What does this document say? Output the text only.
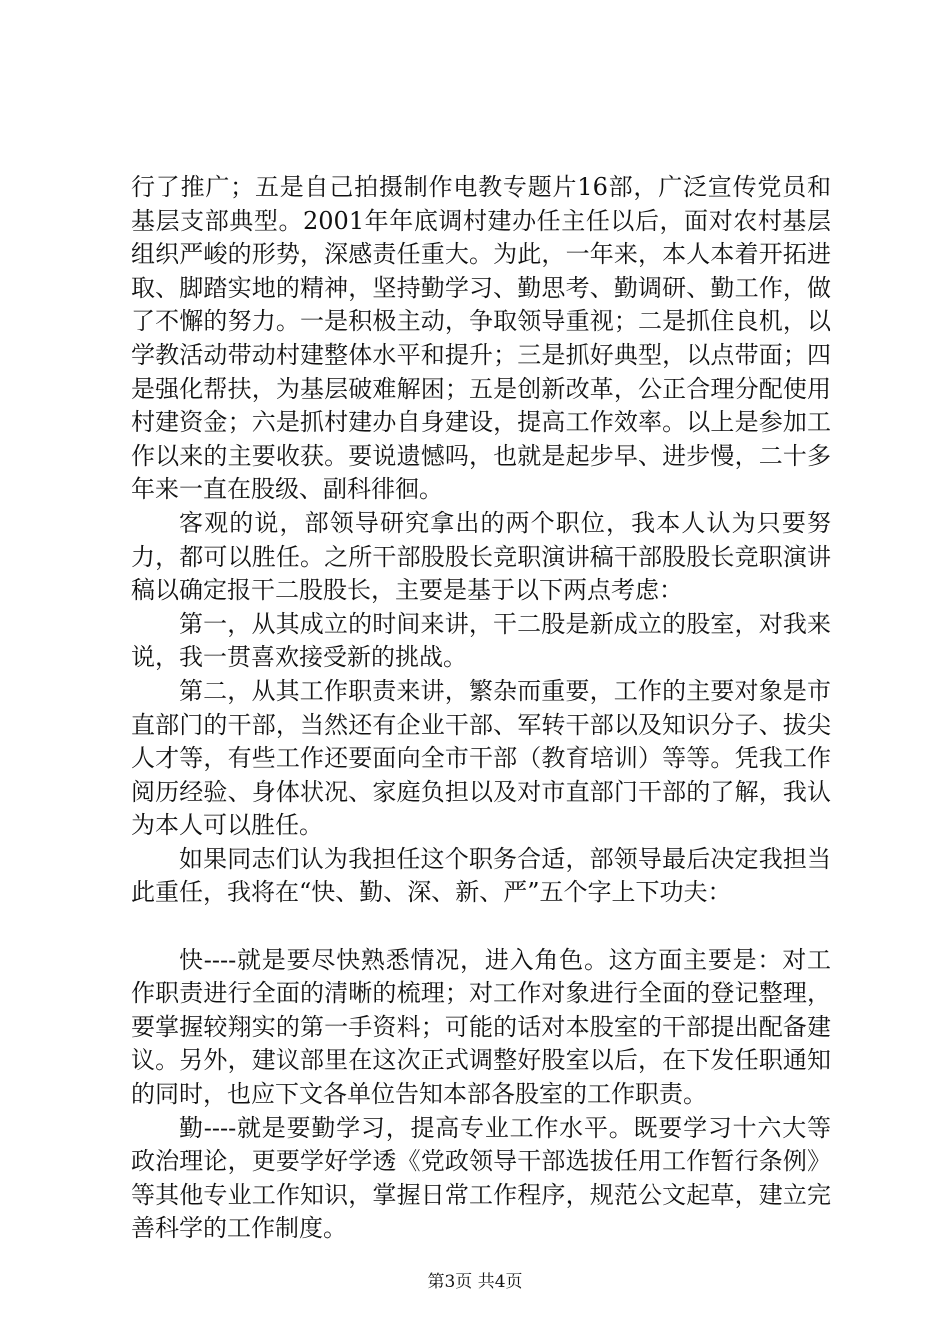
行了推广；五是自己拍摄制作电教专题片16部，广泛宣传党员和基层支部典型。2001年年底调村建办任主任以后，面对农村基层组织严峻的形势，深感责任重大。为此，一年来，本人本着开拓进取、脚踏实地的精神，坚持勤学习、勤思考、勤调研、勤工作，做了不懈的努力。一是积极主动，争取领导重视；二是抓住良机，以学教活动带动村建整体水平和提升；三是抓好典型，以点带面；四是强化帮扶，为基层破难解困；五是创新改革，公正合理分配使用村建资金；六是抓村建办自身建设，提高工作效率。以上是参加工作以来的主要收获。要说遗憾吗，也就是起步早、进步慢，二十多年来一直在股级、副科徘徊。

客观的说，部领导研究拿出的两个职位，我本人认为只要努力，都可以胜任。之所干部股股长竞职演讲稿干部股股长竞职演讲稿以确定报干二股股长，主要是基于以下两点考虑：

第一，从其成立的时间来讲，干二股是新成立的股室，对我来说，我一贯喜欢接受新的挑战。

第二，从其工作职责来讲，繁杂而重要，工作的主要对象是市直部门的干部，当然还有企业干部、军转干部以及知识分子、拔尖人才等，有些工作还要面向全市干部（教育培训）等等。凭我工作阅历经验、身体状况、家庭负担以及对市直部门干部的了解，我认为本人可以胜任。

如果同志们认为我担任这个职务合适，部领导最后决定我担当此重任，我将在“快、勤、深、新、严”五个字上下功夫：

快----就是要尽快熟悉情况，进入角色。这方面主要是：对工作职责进行全面的清晰的梳理；对工作对象进行全面的登记整理，要掌握较翔实的第一手资料；可能的话对本股室的干部提出配备建议。另外，建议部里在这次正式调整好股室以后，在下发任职通知的同时，也应下文各单位告知本部各股室的工作职责。

勤----就是要勤学习，提高专业工作水平。既要学习十六大等政治理论，更要学好学透《党政领导干部选拔任用工作暂行条例》等其他专业工作知识，掌握日常工作程序，规范公文起草，建立完善科学的工作制度。

第3页 共4页
